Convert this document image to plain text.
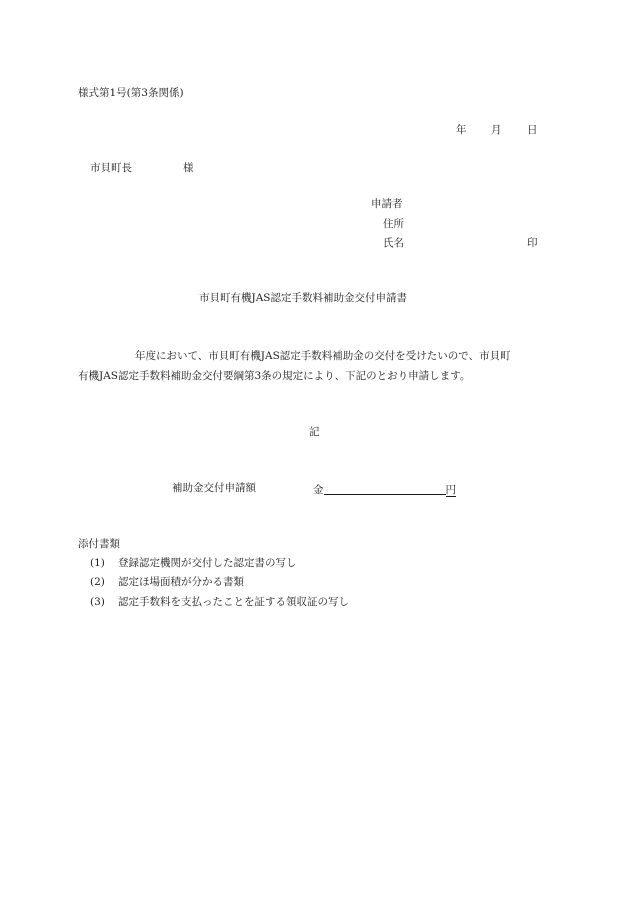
様式第1号(第3条関係)
年 月 日
市貝町長	様
申請者
住所
氏名	印
市貝町有機JAS認定手数料補助金交付申請書
年度において、市貝町有機JAS認定手数料補助金の交付を受けたいので、市貝町
有機JAS認定手数料補助金交付要綱第3条の規定により、下記のとおり申請します。
記
補助金交付申請額	金	円
添付書類
(1) 登録認定機関が交付した認定書の写し
(2) 認定ほ場面積が分かる書類
(3) 認定手数料を支払ったことを証する領収証の写し
